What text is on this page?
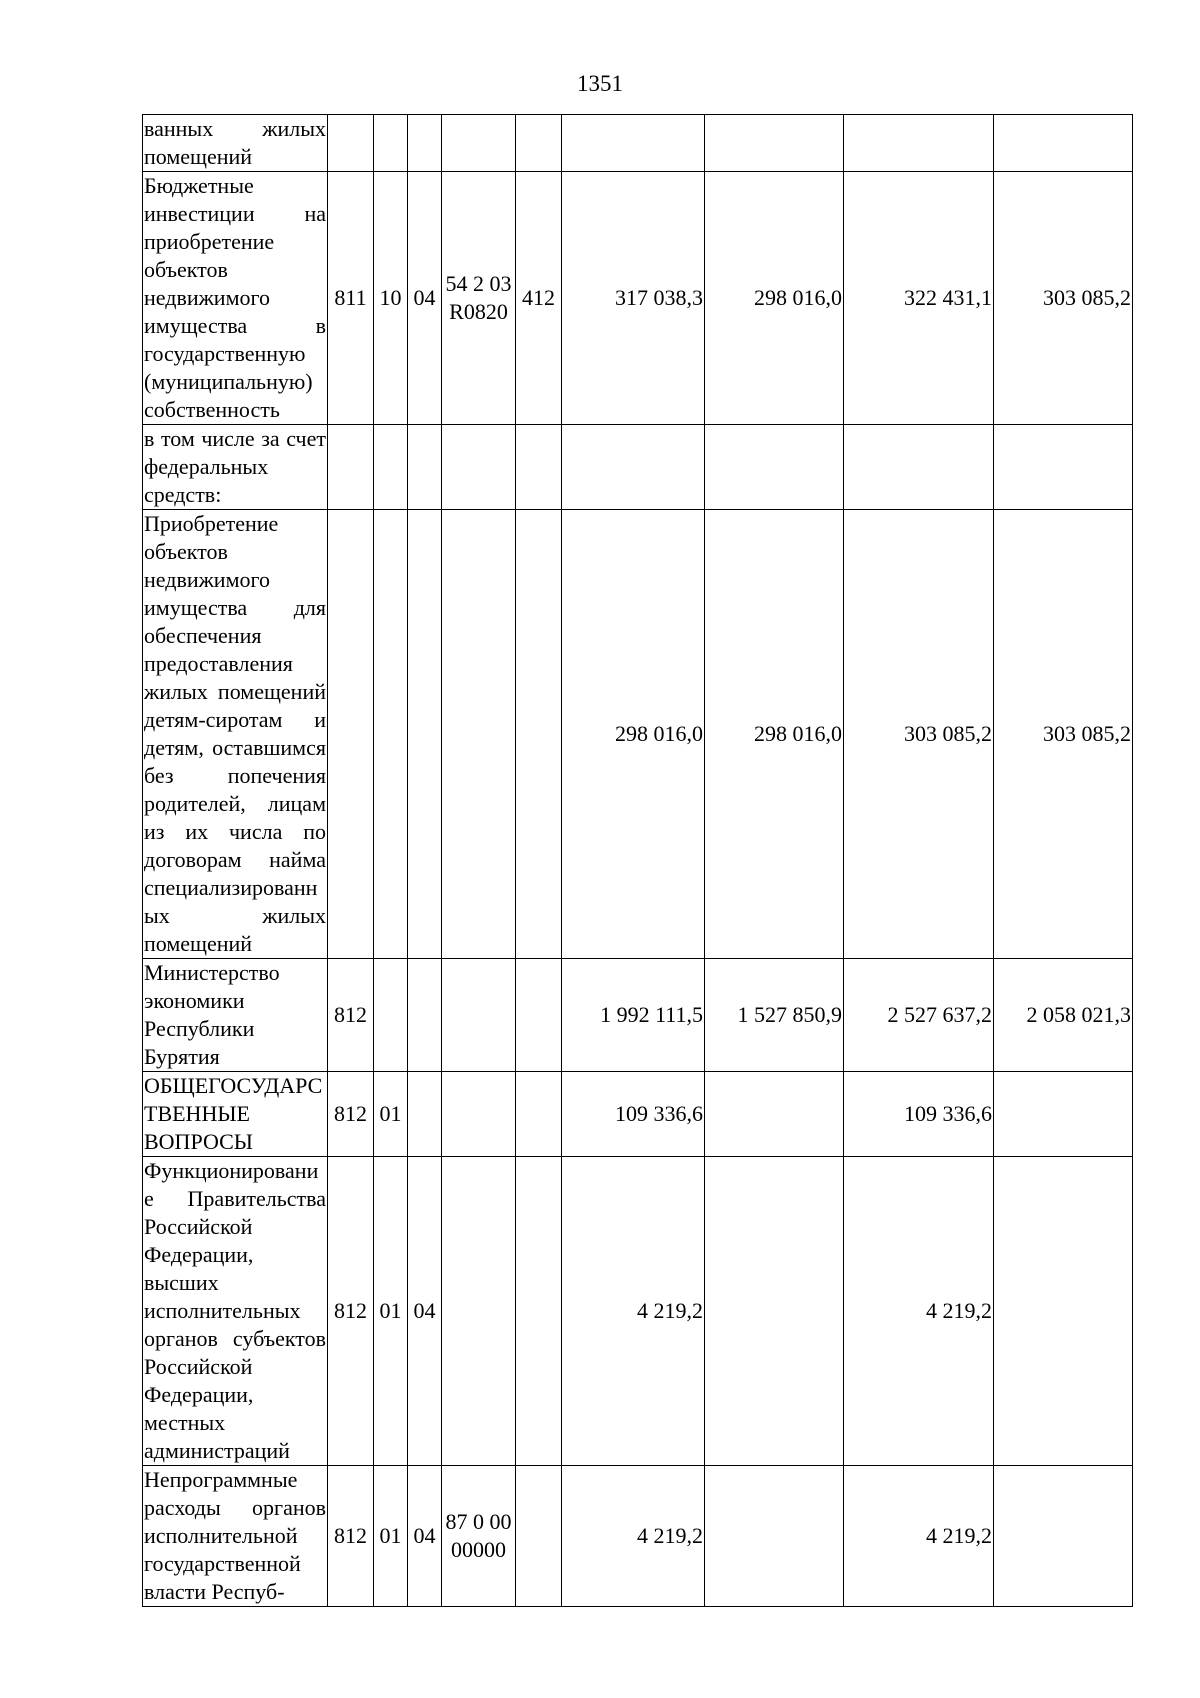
1351
ванных жилых помещений									
Бюджетные инвестиции на приобретение объектов недвижимого имущества в государственную (муниципальную) собственность	811	10	04	54 2 03 R0820	412	317 038,3	298 016,0	322 431,1	303 085,2
в том числе за счет федеральных средств:									
Приобретение объектов недвижимого имущества для обеспечения предоставления жилых помещений детям-сиротам и детям, оставшимся без попечения родителей, лицам из их числа по договорам найма специализированных жилых помещений						298 016,0	298 016,0	303 085,2	303 085,2
Министерство экономики Республики Бурятия	812					1 992 111,5	1 527 850,9	2 527 637,2	2 058 021,3
ОБЩЕГОСУДАРСТВЕННЫЕ ВОПРОСЫ	812	01				109 336,6		109 336,6	
Функционирование Правительства Российской Федерации, высших исполнительных органов субъектов Российской Федерации, местных администраций	812	01	04			4 219,2		4 219,2	
Непрограммные расходы органов исполнительной государственной власти Респуб-	812	01	04	87 0 00 00000		4 219,2		4 219,2	
